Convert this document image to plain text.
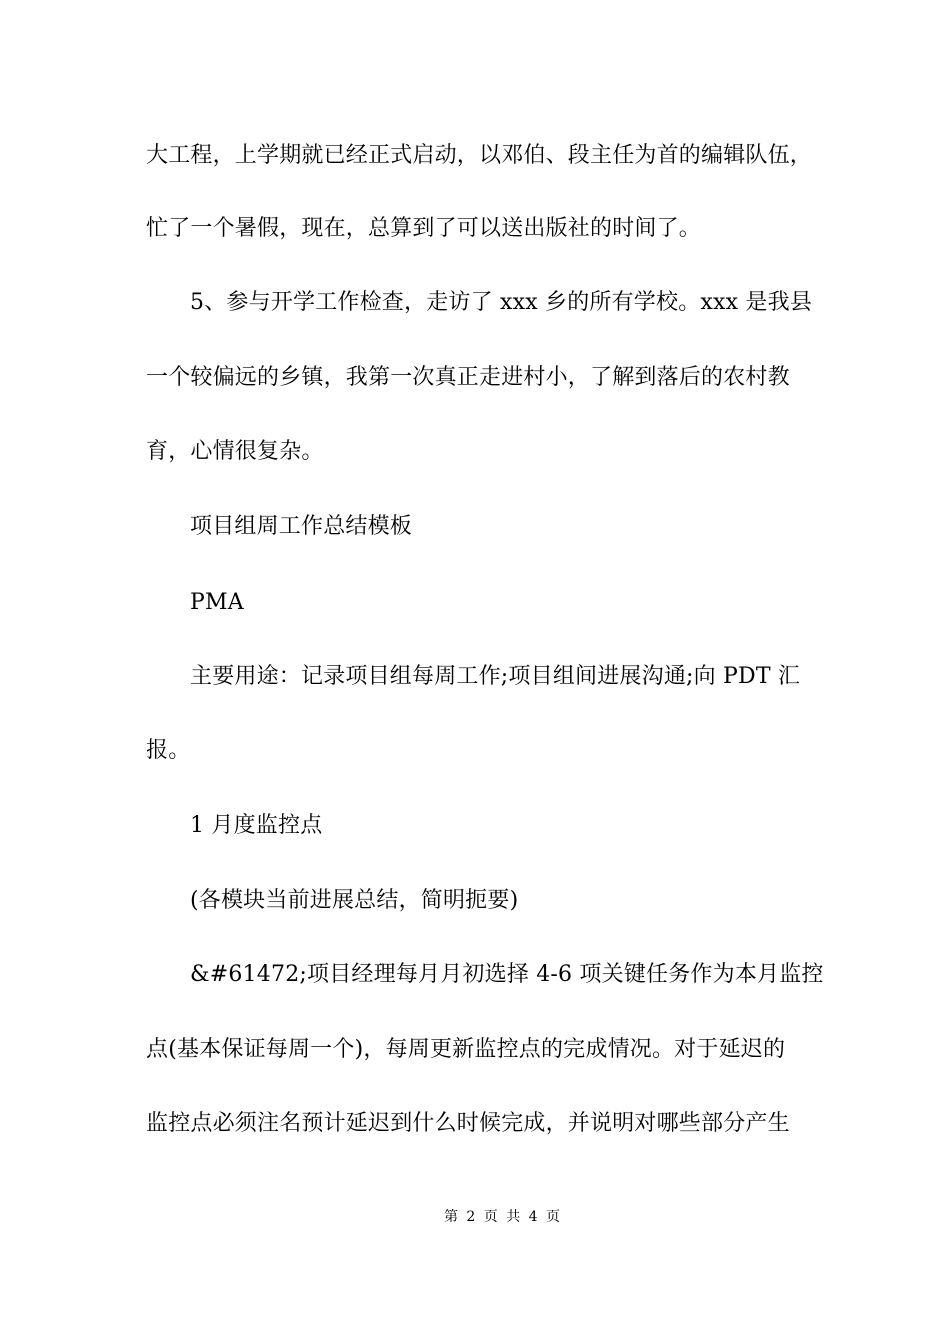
大工程，上学期就已经正式启动，以邓伯、段主任为首的编辑队伍，
忙了一个暑假，现在，总算到了可以送出版社的时间了。
5、参与开学工作检查，走访了 xxx 乡的所有学校。xxx 是我县
一个较偏远的乡镇，我第一次真正走进村小，了解到落后的农村教
育，心情很复杂。
项目组周工作总结模板
PMA
主要用途：记录项目组每周工作;项目组间进展沟通;向 PDT 汇
报。
1 月度监控点
(各模块当前进展总结，简明扼要)
&#61472;项目经理每月月初选择 4-6 项关键任务作为本月监控
点(基本保证每周一个)，每周更新监控点的完成情况。对于延迟的
监控点必须注名预计延迟到什么时候完成，并说明对哪些部分产生
第 2 页 共 4 页
